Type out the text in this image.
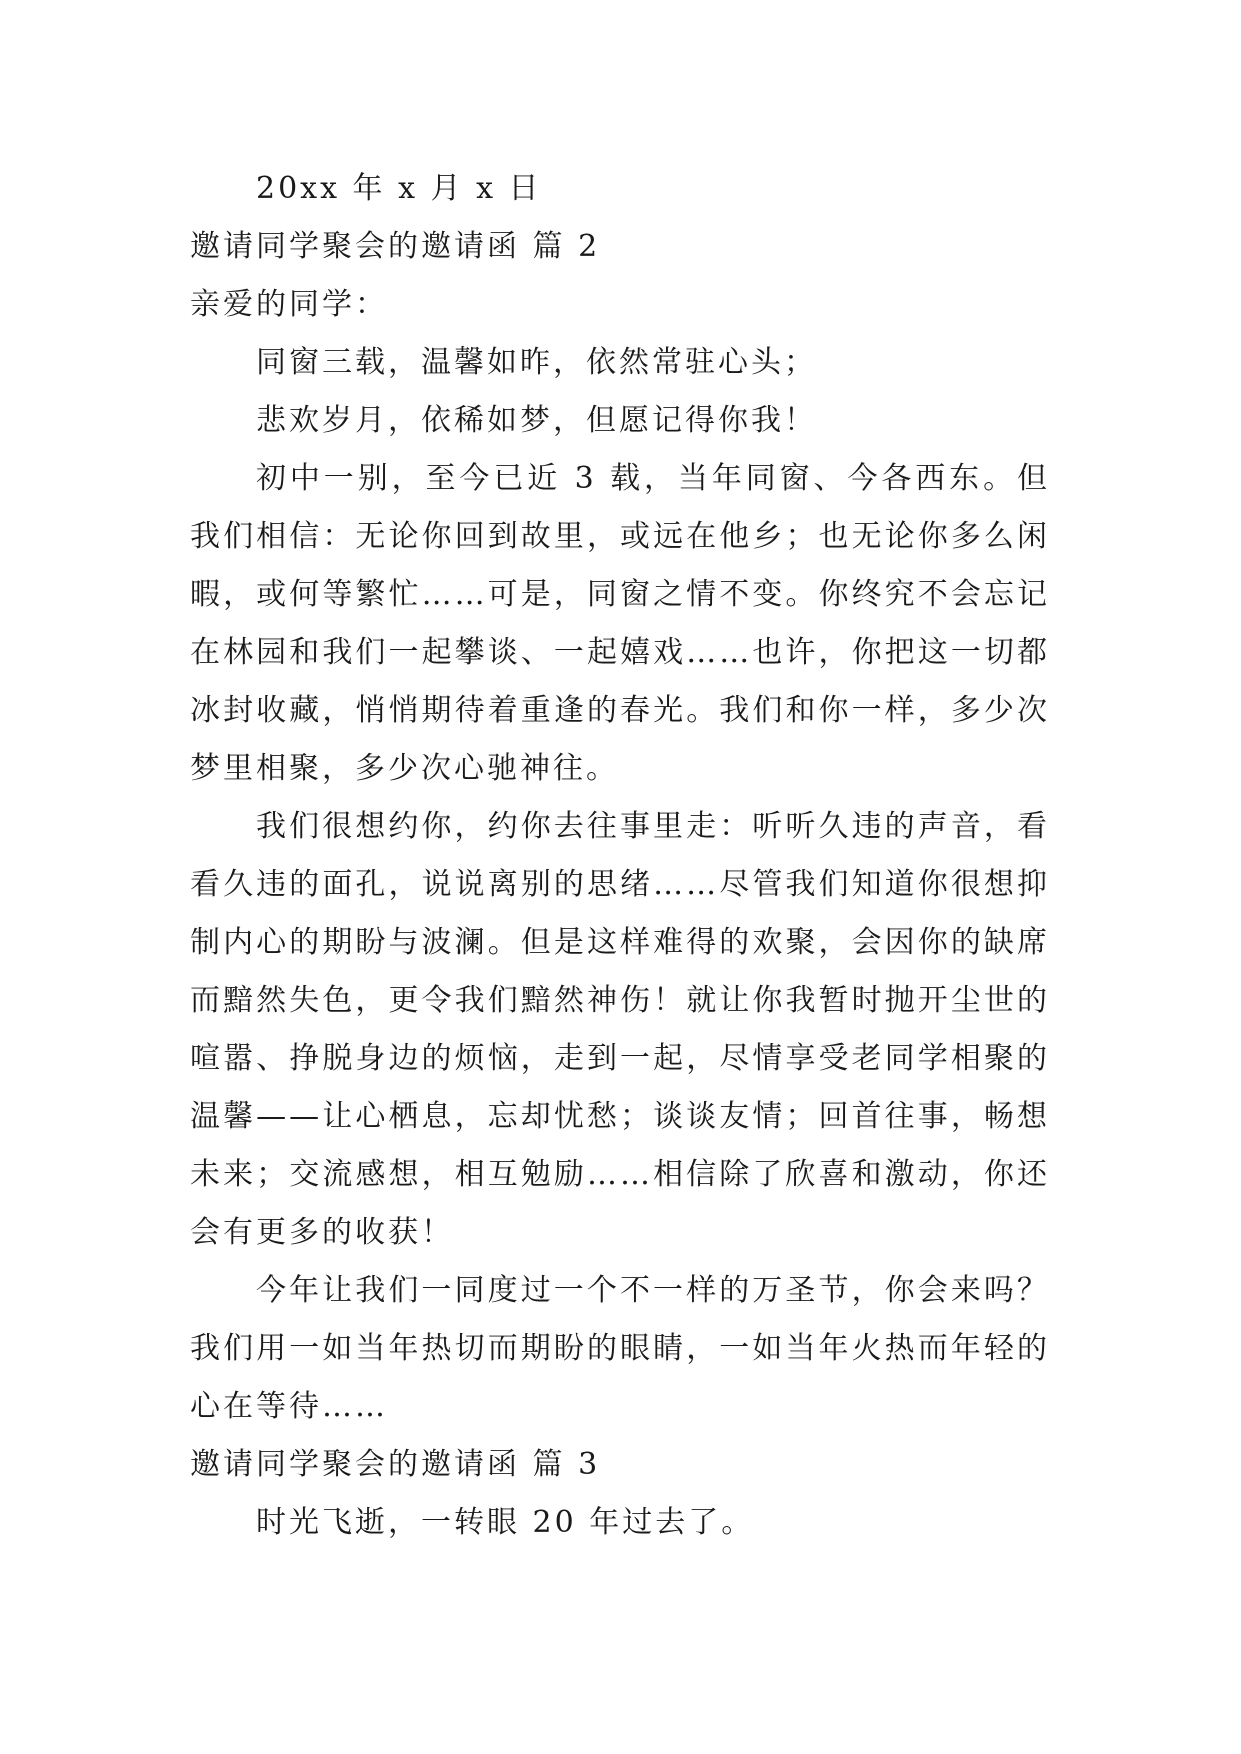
20xx 年 x 月 x 日

邀请同学聚会的邀请函 篇 2

亲爱的同学：

同窗三载，温馨如昨，依然常驻心头；

悲欢岁月，依稀如梦，但愿记得你我！

初中一别，至今已近 3 载，当年同窗、今各西东。但我们相信：无论你回到故里，或远在他乡；也无论你多么闲暇，或何等繁忙……可是，同窗之情不变。你终究不会忘记在林园和我们一起攀谈、一起嬉戏……也许，你把这一切都冰封收藏，悄悄期待着重逢的春光。我们和你一样，多少次梦里相聚，多少次心驰神往。

我们很想约你，约你去往事里走：听听久违的声音，看看久违的面孔，说说离别的思绪……尽管我们知道你很想抑制内心的期盼与波澜。但是这样难得的欢聚，会因你的缺席而黯然失色，更令我们黯然神伤！就让你我暂时抛开尘世的喧嚣、挣脱身边的烦恼，走到一起，尽情享受老同学相聚的温馨——让心栖息，忘却忧愁；谈谈友情；回首往事，畅想未来；交流感想，相互勉励……相信除了欣喜和激动，你还会有更多的收获！

今年让我们一同度过一个不一样的万圣节，你会来吗？我们用一如当年热切而期盼的眼睛，一如当年火热而年轻的心在等待……

邀请同学聚会的邀请函 篇 3

时光飞逝，一转眼 20 年过去了。
